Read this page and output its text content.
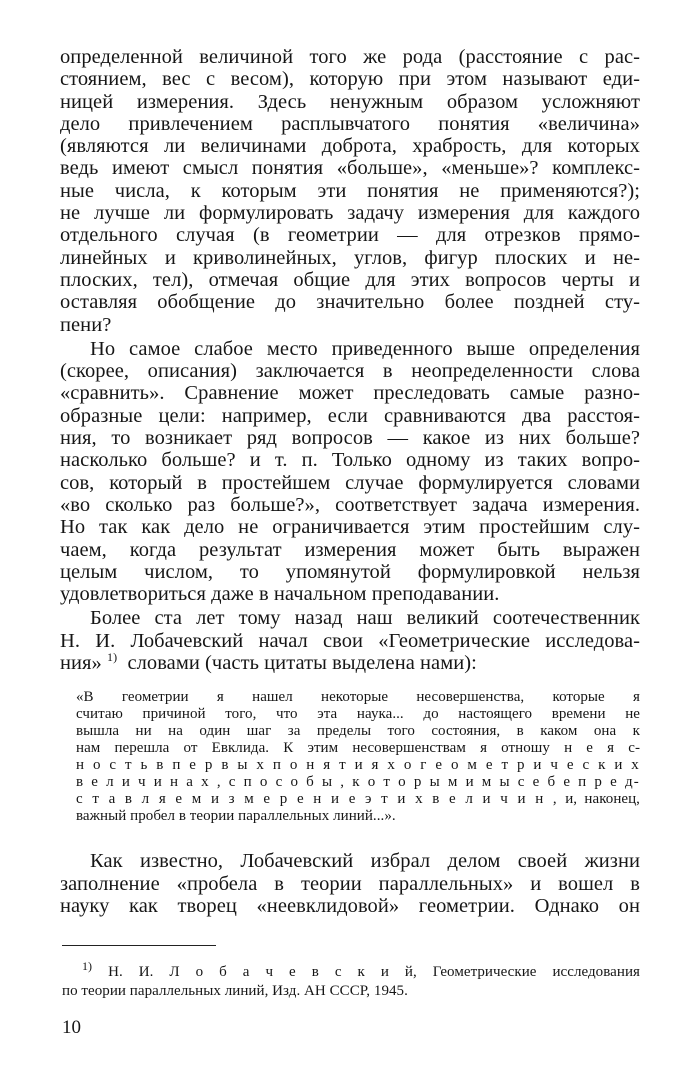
определенной величиной того же рода (расстояние с рас-
стоянием, вес с весом), которую при этом называют еди-
ницей измерения. Здесь ненужным образом усложняют
дело привлечением расплывчатого понятия «величина»
(являются ли величинами доброта, храбрость, для которых
ведь имеют смысл понятия «больше», «меньше»? комплекс-
ные числа, к которым эти понятия не применяются?);
не лучше ли формулировать задачу измерения для каждого
отдельного случая (в геометрии — для отрезков прямо-
линейных и криволинейных, углов, фигур плоских и не-
плоских, тел), отмечая общие для этих вопросов черты и
оставляя обобщение до значительно более поздней сту-
пени?
Но самое слабое место приведенного выше определения
(скорее, описания) заключается в неопределенности слова
«сравнить». Сравнение может преследовать самые разно-
образные цели: например, если сравниваются два расстоя-
ния, то возникает ряд вопросов — какое из них больше?
насколько больше? и т. п. Только одному из таких вопро-
сов, который в простейшем случае формулируется словами
«во сколько раз больше?», соответствует задача измерения.
Но так как дело не ограничивается этим простейшим слу-
чаем, когда результат измерения может быть выражен
целым числом, то упомянутой формулировкой нельзя
удовлетвориться даже в начальном преподавании.
Более ста лет тому назад наш великий соотечественник
Н. И. Лобачевский начал свои «Геометрические исследова-
ния» $^{1)}$ словами (часть цитаты выделена нами):
«В геометрии я нашел некоторые несовершенства, которые я
считаю причиной того, что эта наука... до настоящего времени не
вышла ни на один шаг за пределы того состояния, в каком она к
нам перешла от Евклида. К этим несовершенствам я отношу н е я с-
н о с т ь в п е р в ы х п о н я т и я х о г е о м е т р и ч е с к и х
в е л и ч и н а х , с п о с о б ы , к о т о р ы м и м ы с е б е п р е д-
с т а в л я е м и з м е р е н и е э т и х в е л и ч и н , и, наконец,
важный пробел в теории параллельных линий...».
Как известно, Лобачевский избрал делом своей жизни
заполнение «пробела в теории параллельных» и вошел в
науку как творец «неевклидовой» геометрии. Однако он
$^{1)}$ Н. И. Л о б а ч е в с к и й, Геометрические исследования
по теории параллельных линий, Изд. АН СССР, 1945.
10
